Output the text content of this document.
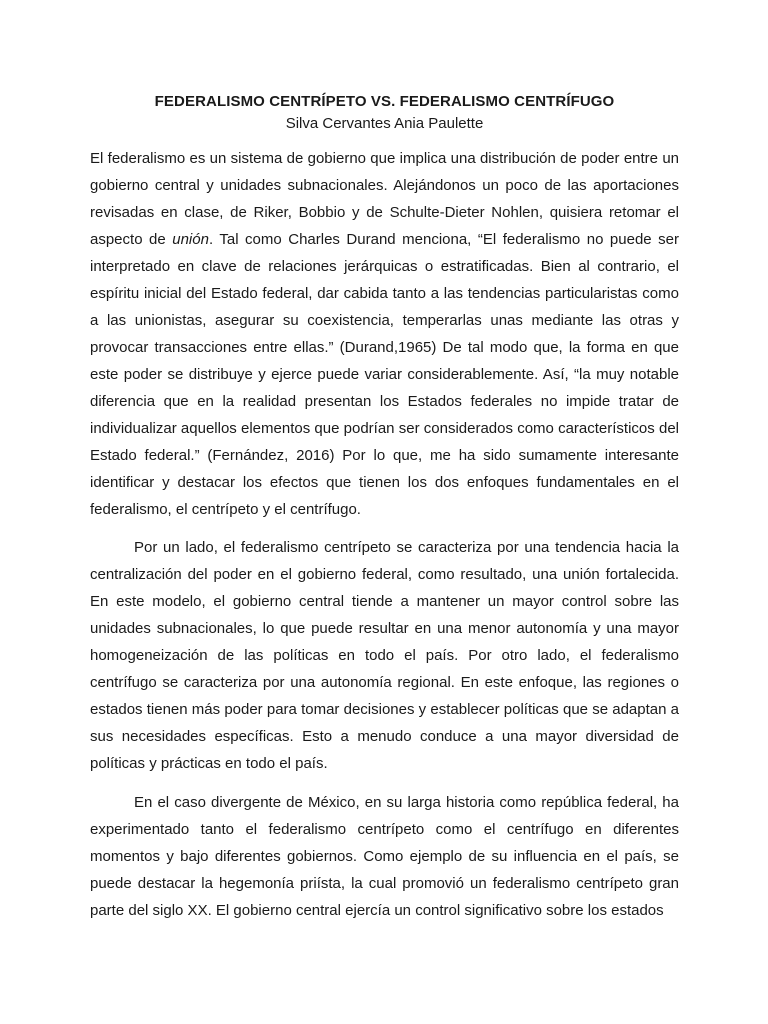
FEDERALISMO CENTRÍPETO VS. FEDERALISMO CENTRÍFUGO

Silva Cervantes Ania Paulette

El federalismo es un sistema de gobierno que implica una distribución de poder entre un gobierno central y unidades subnacionales. Alejándonos un poco de las aportaciones revisadas en clase, de Riker, Bobbio y de Schulte-Dieter Nohlen, quisiera retomar el aspecto de unión. Tal como Charles Durand menciona, “El federalismo no puede ser interpretado en clave de relaciones jerárquicas o estratificadas. Bien al contrario, el espíritu inicial del Estado federal, dar cabida tanto a las tendencias particularistas como a las unionistas, asegurar su coexistencia, temperarlas unas mediante las otras y provocar transacciones entre ellas.” (Durand,1965) De tal modo que, la forma en que este poder se distribuye y ejerce puede variar considerablemente. Así, “la muy notable diferencia que en la realidad presentan los Estados federales no impide tratar de individualizar aquellos elementos que podrían ser considerados como característicos del Estado federal.” (Fernández, 2016) Por lo que, me ha sido sumamente interesante identificar y destacar los efectos que tienen los dos enfoques fundamentales en el federalismo, el centrípeto y el centrífugo.

Por un lado, el federalismo centrípeto se caracteriza por una tendencia hacia la centralización del poder en el gobierno federal, como resultado, una unión fortalecida. En este modelo, el gobierno central tiende a mantener un mayor control sobre las unidades subnacionales, lo que puede resultar en una menor autonomía y una mayor homogeneización de las políticas en todo el país. Por otro lado, el federalismo centrífugo se caracteriza por una autonomía regional. En este enfoque, las regiones o estados tienen más poder para tomar decisiones y establecer políticas que se adaptan a sus necesidades específicas. Esto a menudo conduce a una mayor diversidad de políticas y prácticas en todo el país.

En el caso divergente de México, en su larga historia como república federal, ha experimentado tanto el federalismo centrípeto como el centrífugo en diferentes momentos y bajo diferentes gobiernos. Como ejemplo de su influencia en el país, se puede destacar la hegemonía priísta, la cual promovió un federalismo centrípeto gran parte del siglo XX. El gobierno central ejercía un control significativo sobre los estados
